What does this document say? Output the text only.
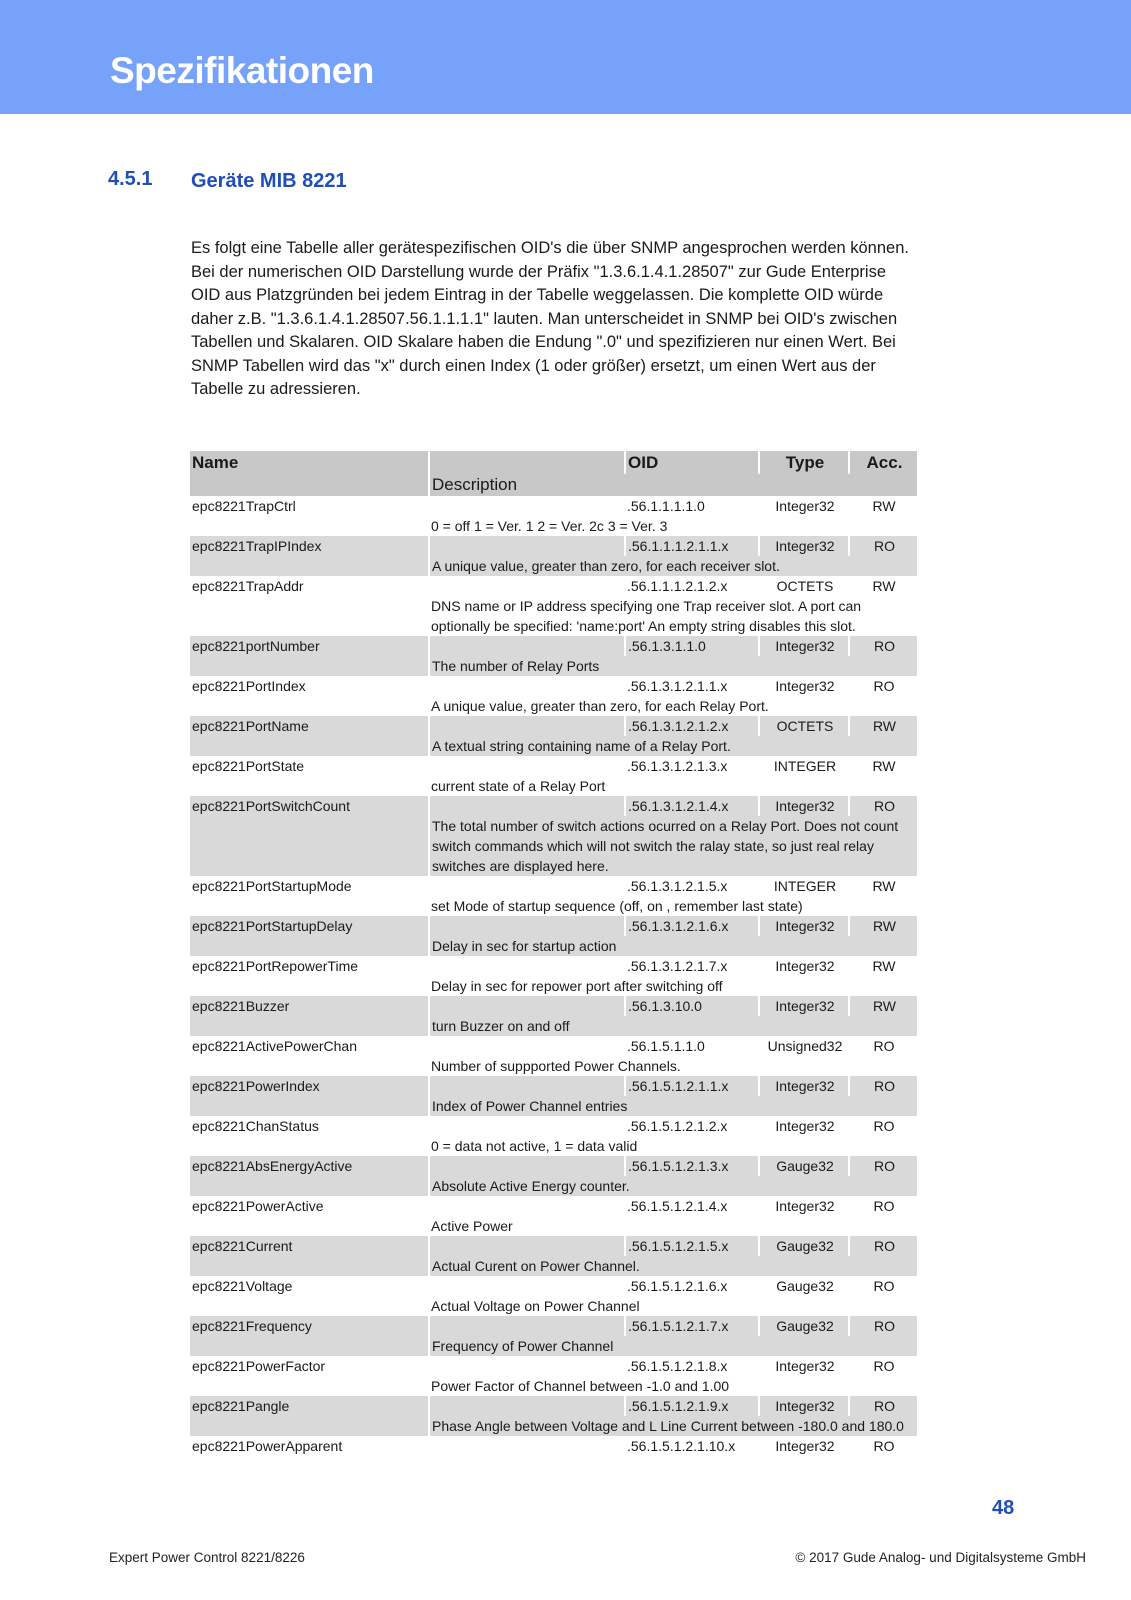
Spezifikationen
4.5.1 Geräte MIB 8221

Es folgt eine Tabelle aller gerätespezifischen OID's die über SNMP angesprochen werden können. Bei der numerischen OID Darstellung wurde der Präfix "1.3.6.1.4.1.28507" zur Gude Enterprise OID aus Platzgründen bei jedem Eintrag in der Tabelle weggelassen. Die komplette OID würde daher z.B. "1.3.6.1.4.1.28507.56.1.1.1.1" lauten. Man unterscheidet in SNMP bei OID's zwischen Tabellen und Skalaren. OID Skalare haben die Endung ".0" und spezifizieren nur einen Wert. Bei SNMP Tabellen wird das "x" durch einen Index (1 oder größer) ersetzt, um einen Wert aus der Tabelle zu adressieren.

Name		OID	Type	Acc.
	Description			
epc8221TrapCtrl		.56.1.1.1.1.0	Integer32	RW
	0 = off 1 = Ver. 1 2 = Ver. 2c 3 = Ver. 3			
epc8221TrapIPIndex		.56.1.1.1.2.1.1.x	Integer32	RO
	A unique value, greater than zero, for each receiver slot.			
epc8221TrapAddr		.56.1.1.1.2.1.2.x	OCTETS	RW
	DNS name or IP address specifying one Trap receiver slot. A port can optionally be specified: 'name:port' An empty string disables this slot.			
epc8221portNumber		.56.1.3.1.1.0	Integer32	RO
	The number of Relay Ports			
epc8221PortIndex		.56.1.3.1.2.1.1.x	Integer32	RO
	A unique value, greater than zero, for each Relay Port.			
epc8221PortName		.56.1.3.1.2.1.2.x	OCTETS	RW
	A textual string containing name of a Relay Port.			
epc8221PortState		.56.1.3.1.2.1.3.x	INTEGER	RW
	current state of a Relay Port			
epc8221PortSwitchCount		.56.1.3.1.2.1.4.x	Integer32	RO
	The total number of switch actions ocurred on a Relay Port. Does not count switch commands which will not switch the ralay state, so just real relay switches are displayed here.			
epc8221PortStartupMode		.56.1.3.1.2.1.5.x	INTEGER	RW
	set Mode of startup sequence (off, on , remember last state)			
epc8221PortStartupDelay		.56.1.3.1.2.1.6.x	Integer32	RW
	Delay in sec for startup action			
epc8221PortRepowerTime		.56.1.3.1.2.1.7.x	Integer32	RW
	Delay in sec for repower port after switching off			
epc8221Buzzer		.56.1.3.10.0	Integer32	RW
	turn Buzzer on and off			
epc8221ActivePowerChan		.56.1.5.1.1.0	Unsigned32	RO
	Number of suppported Power Channels.			
epc8221PowerIndex		.56.1.5.1.2.1.1.x	Integer32	RO
	Index of Power Channel entries			
epc8221ChanStatus		.56.1.5.1.2.1.2.x	Integer32	RO
	0 = data not active, 1 = data valid			
epc8221AbsEnergyActive		.56.1.5.1.2.1.3.x	Gauge32	RO
	Absolute Active Energy counter.			
epc8221PowerActive		.56.1.5.1.2.1.4.x	Integer32	RO
	Active Power			
epc8221Current		.56.1.5.1.2.1.5.x	Gauge32	RO
	Actual Curent on Power Channel.			
epc8221Voltage		.56.1.5.1.2.1.6.x	Gauge32	RO
	Actual Voltage on Power Channel			
epc8221Frequency		.56.1.5.1.2.1.7.x	Gauge32	RO
	Frequency of Power Channel			
epc8221PowerFactor		.56.1.5.1.2.1.8.x	Integer32	RO
	Power Factor of Channel between -1.0 and 1.00			
epc8221Pangle		.56.1.5.1.2.1.9.x	Integer32	RO
	Phase Angle between Voltage and L Line Current between -180.0 and 180.0			
epc8221PowerApparent		.56.1.5.1.2.1.10.x	Integer32	RO
48
Expert Power Control 8221/8226	© 2017 Gude Analog- und Digitalsysteme GmbH
